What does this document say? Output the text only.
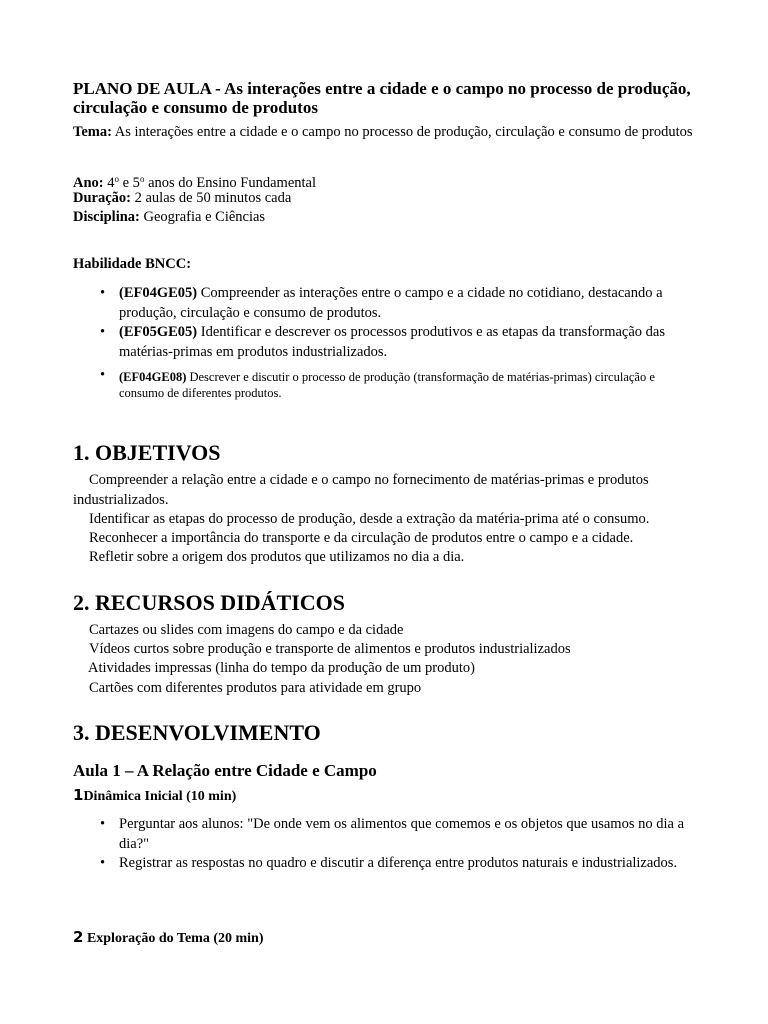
PLANO DE AULA - As interações entre a cidade e o campo no processo de produção, circulação e consumo de produtos

Tema: As interações entre a cidade e o campo no processo de produção, circulação e consumo de produtos

Ano: 4$^o$ e 5$^o$ anos do Ensino Fundamental

Duração: 2 aulas de 50 minutos cada

Disciplina: Geografia e Ciências

Habilidade BNCC:
• (EF04GE05) Compreender as interações entre o campo e a cidade no cotidiano, destacando a produção, circulação e consumo de produtos.
• (EF05GE05) Identificar e descrever os processos produtivos e as etapas da transformação das matérias-primas em produtos industrializados.
• (EF04GE08) Descrever e discutir o processo de produção (transformação de matérias-primas) circulação e consumo de diferentes produtos.
1. OBJETIVOS
Compreender a relação entre a cidade e o campo no fornecimento de matérias-primas e produtos industrializados.
Identificar as etapas do processo de produção, desde a extração da matéria-prima até o consumo.
Reconhecer a importância do transporte e da circulação de produtos entre o campo e a cidade.
Refletir sobre a origem dos produtos que utilizamos no dia a dia.
2. RECURSOS DIDÁTICOS
Cartazes ou slides com imagens do campo e da cidade
Vídeos curtos sobre produção e transporte de alimentos e produtos industrializados
Atividades impressas (linha do tempo da produção de um produto)
Cartões com diferentes produtos para atividade em grupo
3. DESENVOLVIMENTO
Aula 1 – A Relação entre Cidade e Campo
1Dinâmica Inicial (10 min)
• Perguntar aos alunos: "De onde vem os alimentos que comemos e os objetos que usamos no dia a dia?"
• Registrar as respostas no quadro e discutir a diferença entre produtos naturais e industrializados.
2 Exploração do Tema (20 min)
